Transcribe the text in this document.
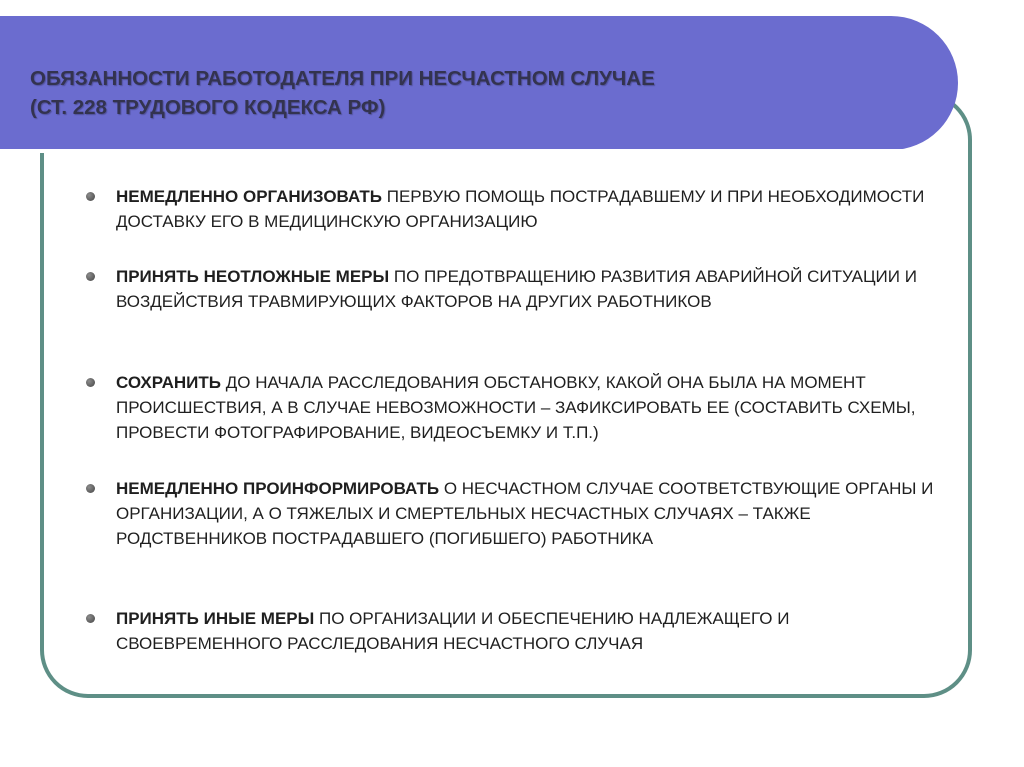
ОБЯЗАННОСТИ РАБОТОДАТЕЛЯ ПРИ НЕСЧАСТНОМ СЛУЧАЕ
(СТ. 228 ТРУДОВОГО КОДЕКСА РФ)
НЕМЕДЛЕННО ОРГАНИЗОВАТЬ ПЕРВУЮ ПОМОЩЬ ПОСТРАДАВШЕМУ И ПРИ НЕОБХОДИМОСТИ ДОСТАВКУ ЕГО В МЕДИЦИНСКУЮ ОРГАНИЗАЦИЮ
ПРИНЯТЬ НЕОТЛОЖНЫЕ МЕРЫ ПО ПРЕДОТВРАЩЕНИЮ РАЗВИТИЯ АВАРИЙНОЙ СИТУАЦИИ И ВОЗДЕЙСТВИЯ ТРАВМИРУЮЩИХ ФАКТОРОВ НА ДРУГИХ РАБОТНИКОВ
СОХРАНИТЬ ДО НАЧАЛА РАССЛЕДОВАНИЯ ОБСТАНОВКУ, КАКОЙ ОНА БЫЛА НА МОМЕНТ ПРОИСШЕСТВИЯ, А В СЛУЧАЕ НЕВОЗМОЖНОСТИ – ЗАФИКСИРОВАТЬ ЕЕ (СОСТАВИТЬ СХЕМЫ, ПРОВЕСТИ ФОТОГРАФИРОВАНИЕ, ВИДЕОСЪЕМКУ И Т.П.)
НЕМЕДЛЕННО ПРОИНФОРМИРОВАТЬ О НЕСЧАСТНОМ СЛУЧАЕ СООТВЕТСТВУЮЩИЕ ОРГАНЫ И ОРГАНИЗАЦИИ, А О ТЯЖЕЛЫХ И СМЕРТЕЛЬНЫХ НЕСЧАСТНЫХ СЛУЧАЯХ – ТАКЖЕ РОДСТВЕННИКОВ ПОСТРАДАВШЕГО (ПОГИБШЕГО) РАБОТНИКА
ПРИНЯТЬ ИНЫЕ МЕРЫ ПО ОРГАНИЗАЦИИ И ОБЕСПЕЧЕНИЮ НАДЛЕЖАЩЕГО И СВОЕВРЕМЕННОГО РАССЛЕДОВАНИЯ НЕСЧАСТНОГО СЛУЧАЯ
